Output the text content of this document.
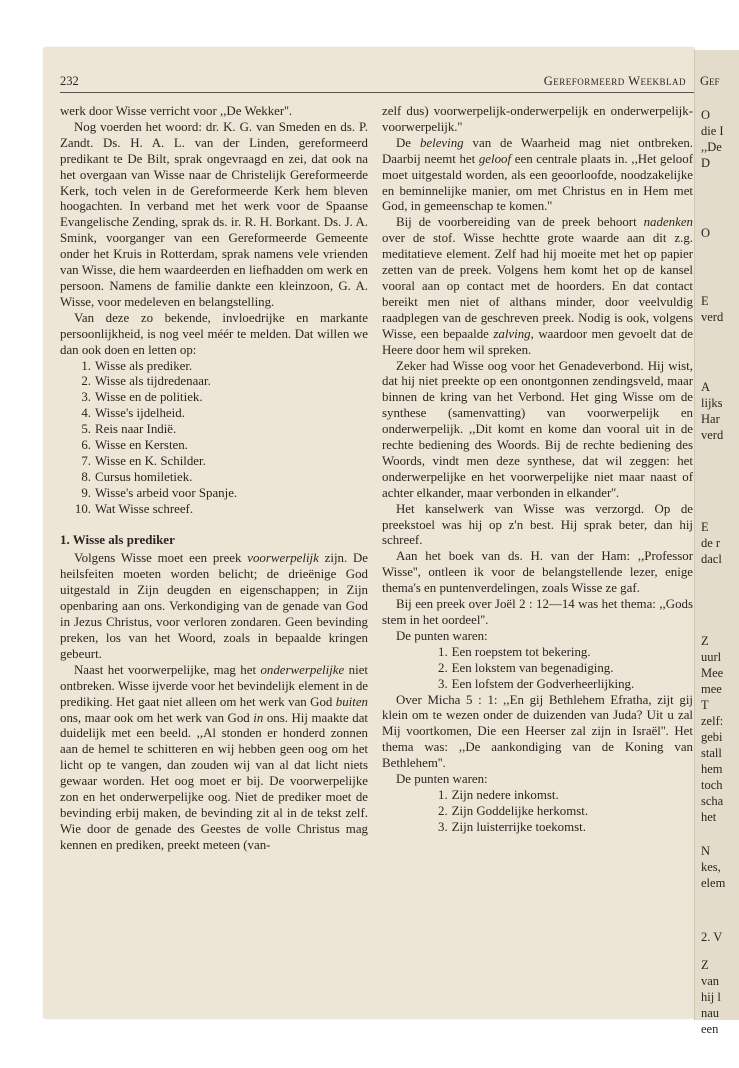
O
die I
,,De
D
O
E
verd
A
lijks
Har
verd
E
de r
dacl
Z
uurl
Mee
mee
T
zelf:
gebi
stall
hem
toch
scha
het
N
kes,
elem
2. V
Z
van
hij l
nau
een
232	Gereformeerd Weekblad Gef

werk door Wisse verricht voor ,,De Wekker''.

Nog voerden het woord: dr. K. G. van Smeden en ds. P. Zandt. Ds. H. A. L. van der Linden, gereformeerd predikant te De Bilt, sprak ongevraagd en zei, dat ook na het overgaan van Wisse naar de Christelijk Gereformeerde Kerk, toch velen in de Gereformeerde Kerk hem bleven hoogachten. In verband met het werk voor de Spaanse Evangelische Zending, sprak ds. ir. R. H. Borkant. Ds. J. A. Smink, voorganger van een Gereformeerde Gemeente onder het Kruis in Rotterdam, sprak namens vele vrienden van Wisse, die hem waardeerden en liefhadden om werk en persoon. Namens de familie dankte een kleinzoon, G. A. Wisse, voor medeleven en belangstelling.

Van deze zo bekende, invloedrijke en markante persoonlijkheid, is nog veel méér te melden. Dat willen we dan ook doen en letten op:

1. Wisse als prediker.
2. Wisse als tijdredenaar.
3. Wisse en de politiek.
4. Wisse's ijdelheid.
5. Reis naar Indië.
6. Wisse en Kersten.
7. Wisse en K. Schilder.
8. Cursus homiletiek.
9. Wisse's arbeid voor Spanje.
10. Wat Wisse schreef.
1. Wisse als prediker

Volgens Wisse moet een preek voorwerpelijk zijn. De heilsfeiten moeten worden belicht; de drieënige God uitgestald in Zijn deugden en eigenschappen; in Zijn openbaring aan ons. Verkondiging van de genade van God in Jezus Christus, voor verloren zondaren. Geen bevinding preken, los van het Woord, zoals in bepaalde kringen gebeurt.

Naast het voorwerpelijke, mag het onderwerpelijke niet ontbreken. Wisse ijverde voor het bevindelijk element in de prediking. Het gaat niet alleen om het werk van God buiten ons, maar ook om het werk van God in ons. Hij maakte dat duidelijk met een beeld. ,,Al stonden er honderd zonnen aan de hemel te schitteren en wij hebben geen oog om het licht op te vangen, dan zouden wij van al dat licht niets gewaar worden. Het oog moet er bij. De voorwerpelijke zon en het onderwerpelijke oog. Niet de prediker moet de bevinding erbij maken, de bevinding zit al in de tekst zelf. Wie door de genade des Geestes de volle Christus mag kennen en prediken, preekt meteen (van-

zelf dus) voorwerpelijk-onderwerpelijk en onderwerpelijk-voorwerpelijk.''

De beleving van de Waarheid mag niet ontbreken. Daarbij neemt het geloof een centrale plaats in. ,,Het geloof moet uitgestald worden, als een geoorloofde, noodzakelijke en beminnelijke manier, om met Christus en in Hem met God, in gemeenschap te komen.''

Bij de voorbereiding van de preek behoort nadenken over de stof. Wisse hechtte grote waarde aan dit z.g. meditatieve element. Zelf had hij moeite met het op papier zetten van de preek. Volgens hem komt het op de kansel vooral aan op contact met de hoorders. En dat contact bereikt men niet of althans minder, door veelvuldig raadplegen van de geschreven preek. Nodig is ook, volgens Wisse, een bepaalde zalving, waardoor men gevoelt dat de Heere door hem wil spreken.

Zeker had Wisse oog voor het Genadeverbond. Hij wist, dat hij niet preekte op een onontgonnen zendingsveld, maar binnen de kring van het Verbond. Het ging Wisse om de synthese (samenvatting) van voorwerpelijk en onderwerpelijk. ,,Dit komt en kome dan vooral uit in de rechte bediening des Woords. Bij de rechte bediening des Woords, vindt men deze synthese, dat wil zeggen: het onderwerpelijke en het voorwerpelijke niet maar naast of achter elkander, maar verbonden in elkander''.

Het kanselwerk van Wisse was verzorgd. Op de preekstoel was hij op z'n best. Hij sprak beter, dan hij schreef.

Aan het boek van ds. H. van der Ham: ,,Professor Wisse'', ontleen ik voor de belangstellende lezer, enige thema's en puntenverdelingen, zoals Wisse ze gaf.

Bij een preek over Joël 2 : 12—14 was het thema: ,,Gods stem in het oordeel''.

De punten waren:

1. Een roepstem tot bekering.
2. Een lokstem van begenadiging.
3. Een lofstem der Godverheerlijking.

Over Micha 5 : 1: ,,En gij Bethlehem Efratha, zijt gij klein om te wezen onder de duizenden van Juda? Uit u zal Mij voortkomen, Die een Heerser zal zijn in Israël''. Het thema was: ,,De aankondiging van de Koning van Bethlehem''.

De punten waren:

1. Zijn nedere inkomst.
2. Zijn Goddelijke herkomst.
3. Zijn luisterrijke toekomst.
